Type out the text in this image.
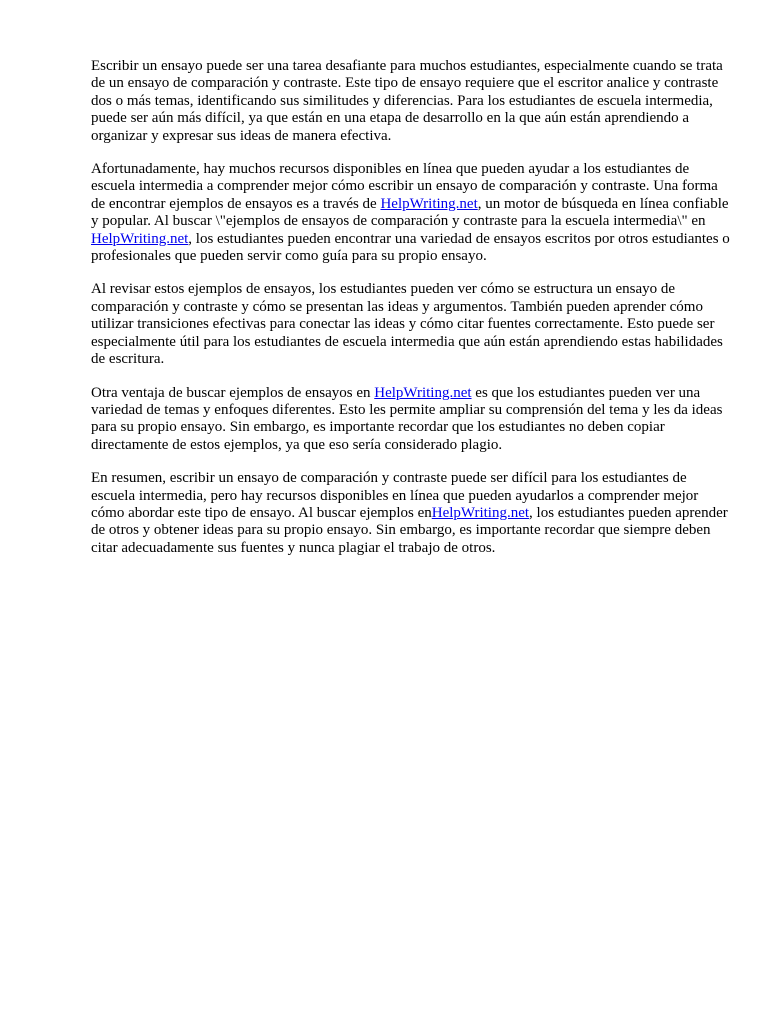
Escribir un ensayo puede ser una tarea desafiante para muchos estudiantes, especialmente cuando se trata de un ensayo de comparación y contraste. Este tipo de ensayo requiere que el escritor analice y contraste dos o más temas, identificando sus similitudes y diferencias. Para los estudiantes de escuela intermedia, puede ser aún más difícil, ya que están en una etapa de desarrollo en la que aún están aprendiendo a organizar y expresar sus ideas de manera efectiva.

Afortunadamente, hay muchos recursos disponibles en línea que pueden ayudar a los estudiantes de escuela intermedia a comprender mejor cómo escribir un ensayo de comparación y contraste. Una forma de encontrar ejemplos de ensayos es a través de HelpWriting.net, un motor de búsqueda en línea confiable y popular. Al buscar \"ejemplos de ensayos de comparación y contraste para la escuela intermedia\" en HelpWriting.net, los estudiantes pueden encontrar una variedad de ensayos escritos por otros estudiantes o profesionales que pueden servir como guía para su propio ensayo.

Al revisar estos ejemplos de ensayos, los estudiantes pueden ver cómo se estructura un ensayo de comparación y contraste y cómo se presentan las ideas y argumentos. También pueden aprender cómo utilizar transiciones efectivas para conectar las ideas y cómo citar fuentes correctamente. Esto puede ser especialmente útil para los estudiantes de escuela intermedia que aún están aprendiendo estas habilidades de escritura.

Otra ventaja de buscar ejemplos de ensayos en HelpWriting.net es que los estudiantes pueden ver una variedad de temas y enfoques diferentes. Esto les permite ampliar su comprensión del tema y les da ideas para su propio ensayo. Sin embargo, es importante recordar que los estudiantes no deben copiar directamente de estos ejemplos, ya que eso sería considerado plagio.

En resumen, escribir un ensayo de comparación y contraste puede ser difícil para los estudiantes de escuela intermedia, pero hay recursos disponibles en línea que pueden ayudarlos a comprender mejor cómo abordar este tipo de ensayo. Al buscar ejemplos enHelpWriting.net, los estudiantes pueden aprender de otros y obtener ideas para su propio ensayo. Sin embargo, es importante recordar que siempre deben citar adecuadamente sus fuentes y nunca plagiar el trabajo de otros.
